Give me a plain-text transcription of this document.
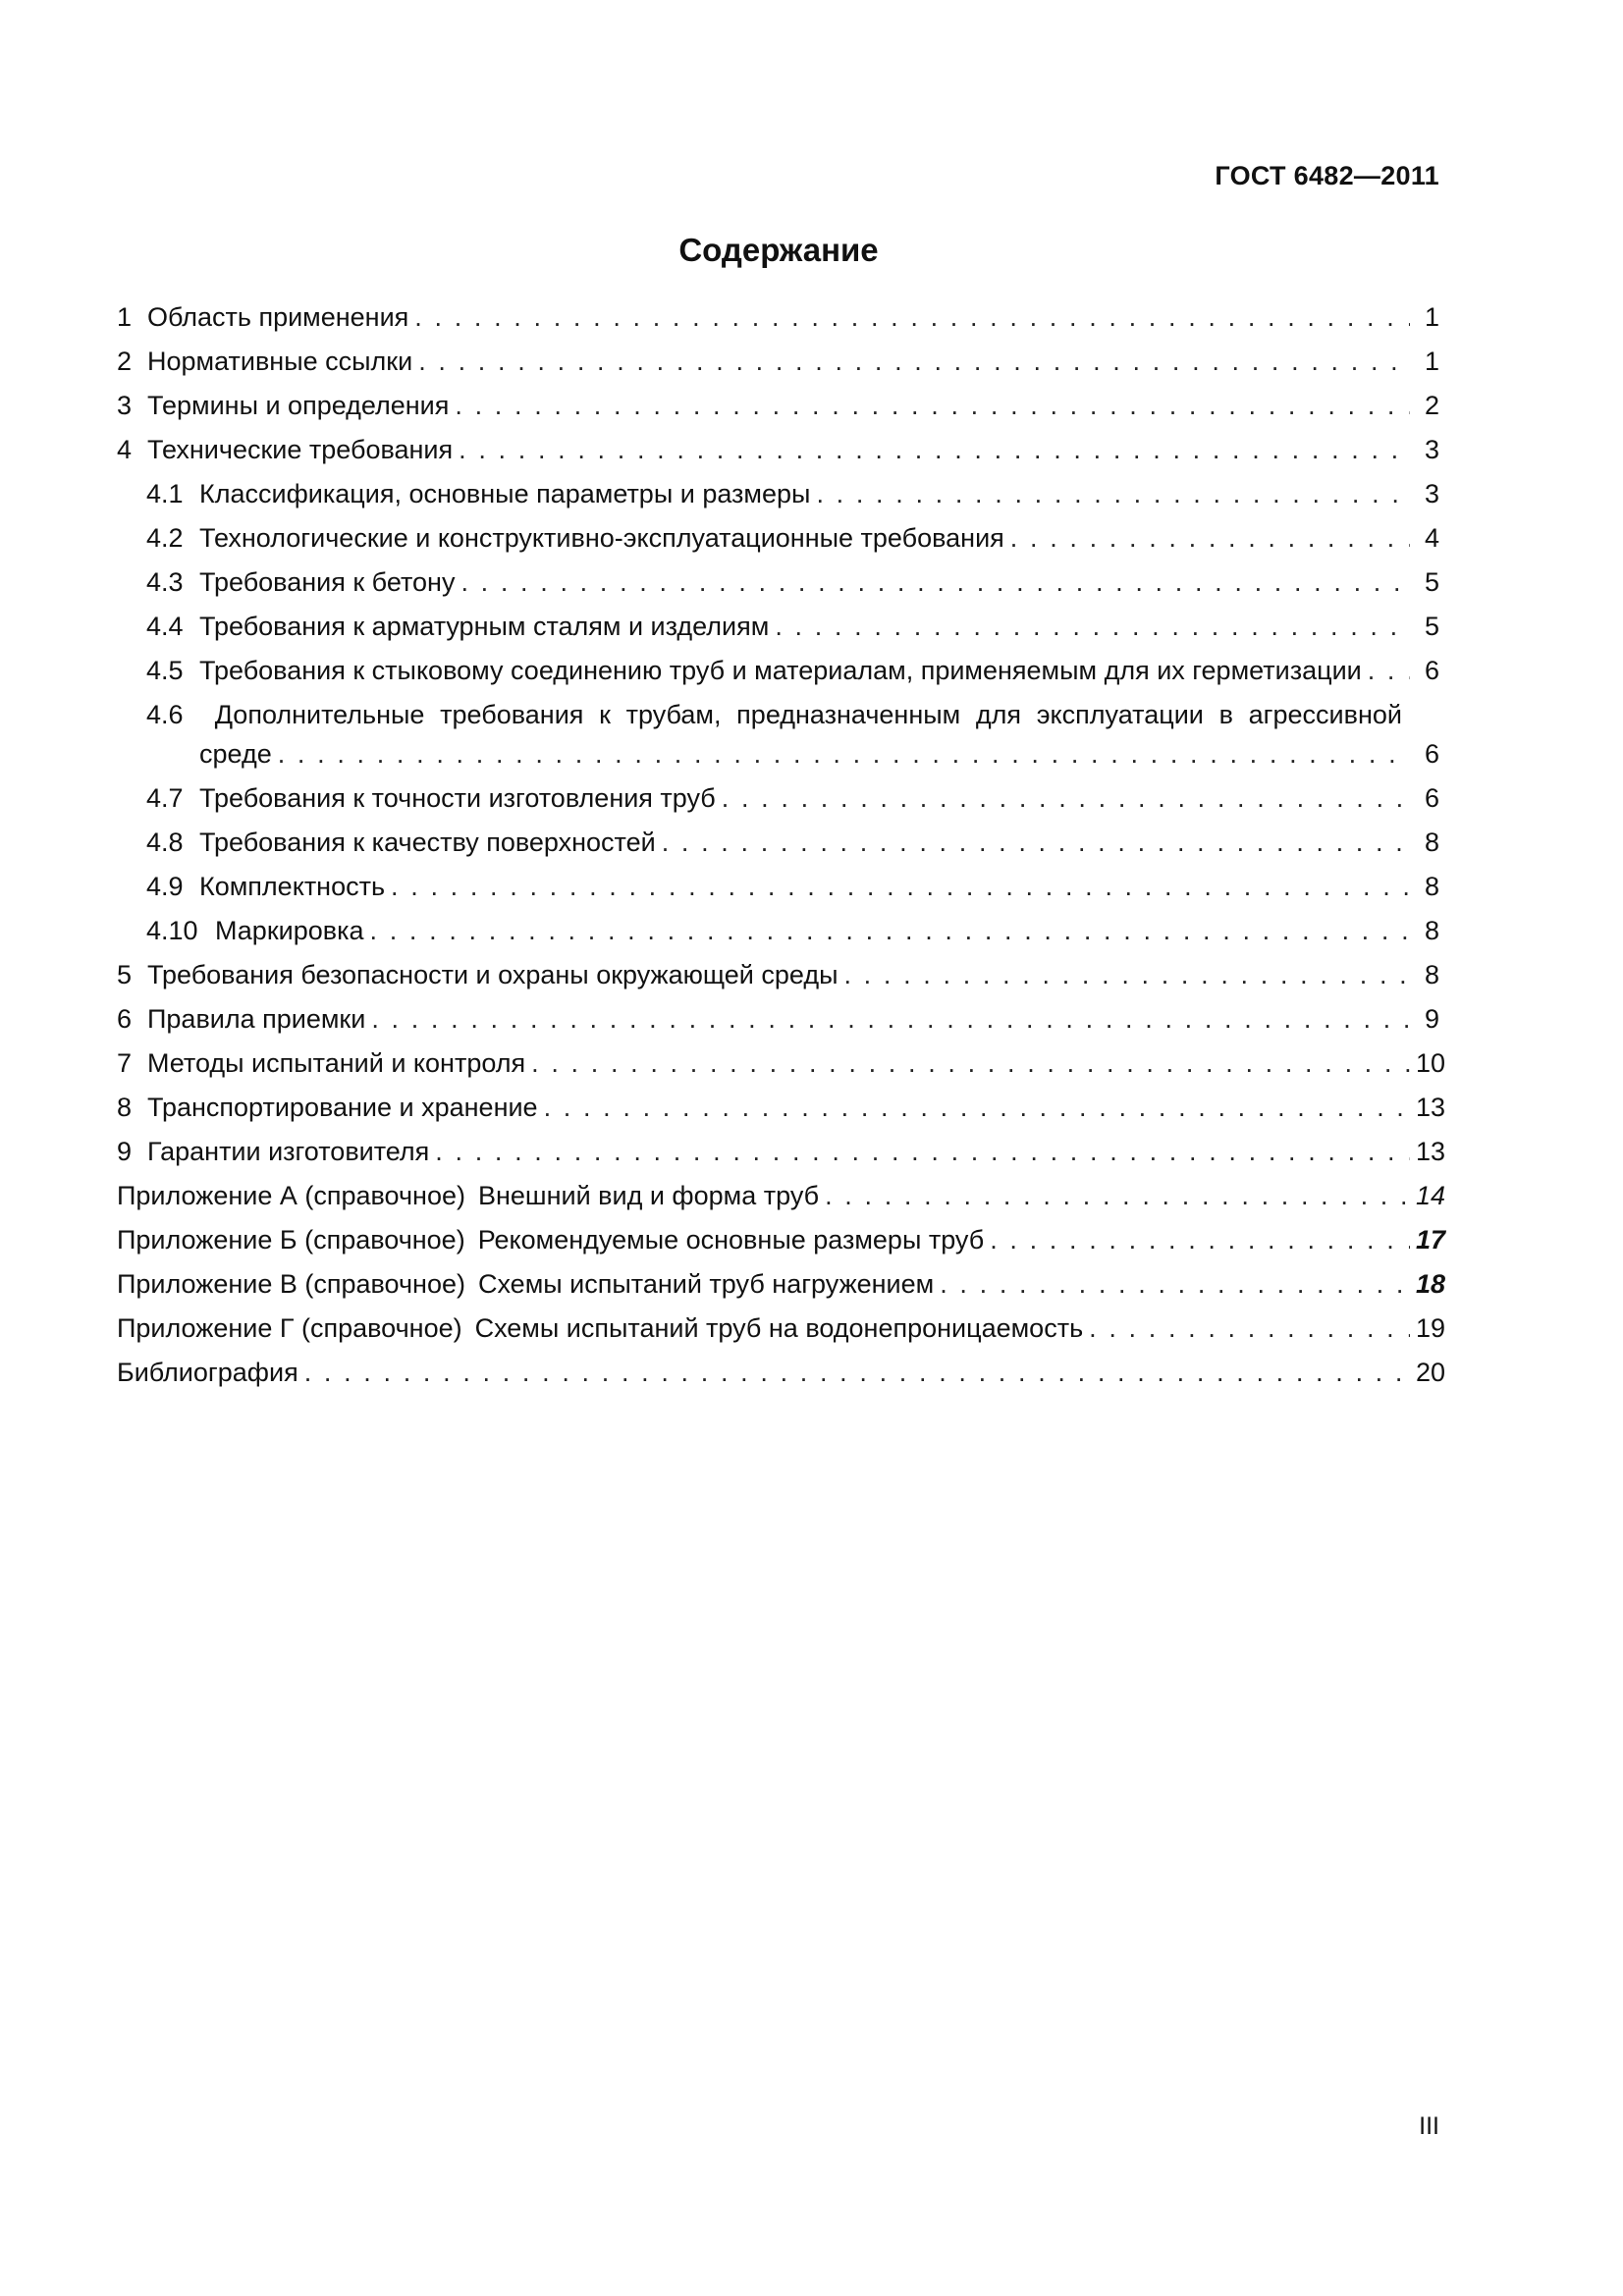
ГОСТ 6482—2011
Содержание
1 Область применения . . .	1
2 Нормативные ссылки . . .	1
3 Термины и определения . . .	2
4 Технические требования . . .	3
4.1 Классификация, основные параметры и размеры . . .	3
4.2 Технологические и конструктивно-эксплуатационные требования . . .	4
4.3 Требования к бетону . . .	5
4.4 Требования к арматурным сталям и изделиям . . .	5
4.5 Требования к стыковому соединению труб и материалам, применяемым для их герметизации . . .	6
4.6 Дополнительные требования к трубам, предназначенным для эксплуатации в агрессивной
среде . . .	6
4.7 Требования к точности изготовления труб . . .	6
4.8 Требования к качеству поверхностей . . .	8
4.9 Комплектность . . .	8
4.10 Маркировка . . .	8
5 Требования безопасности и охраны окружающей среды . . .	8
6 Правила приемки . . .	9
7 Методы испытаний и контроля . . .	10
8 Транспортирование и хранение . . .	13
9 Гарантии изготовителя . . .	13
Приложение А (справочное) Внешний вид и форма труб . . .	14
Приложение Б (справочное) Рекомендуемые основные размеры труб . . .	17
Приложение В (справочное) Схемы испытаний труб нагружением . . .	18
Приложение Г (справочное) Схемы испытаний труб на водонепроницаемость . . .	19
Библиография . . .	20
III
